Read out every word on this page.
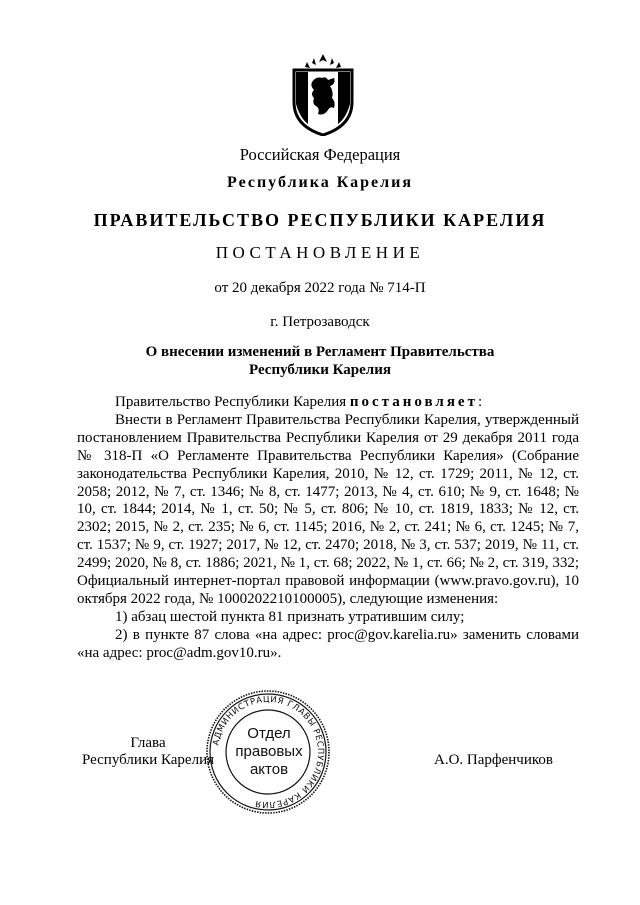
Российская Федерация
Республика Карелия
ПРАВИТЕЛЬСТВО РЕСПУБЛИКИ КАРЕЛИЯ
ПОСТАНОВЛЕНИЕ
от 20 декабря 2022 года № 714-П
г. Петрозаводск
О внесении изменений в Регламент Правительства
Республики Карелия

Правительство Республики Карелия постановляет:

Внести в Регламент Правительства Республики Карелия, утвержденный постановлением Правительства Республики Карелия от 29 декабря 2011 года № 318-П «О Регламенте Правительства Республики Карелия» (Собрание законодательства Республики Карелия, 2010, № 12, ст. 1729; 2011, № 12, ст. 2058; 2012, № 7, ст. 1346; № 8, ст. 1477; 2013, № 4, ст. 610; № 9, ст. 1648; № 10, ст. 1844; 2014, № 1, ст. 50; № 5, ст. 806; № 10, ст. 1819, 1833; № 12, ст. 2302; 2015, № 2, ст. 235; № 6, ст. 1145; 2016, № 2, ст. 241; № 6, ст. 1245; № 7, ст. 1537; № 9, ст. 1927; 2017, № 12, ст. 2470; 2018, № 3, ст. 537; 2019, № 11, ст. 2499; 2020, № 8, ст. 1886; 2021, № 1, ст. 68; 2022, № 1, ст. 66; № 2, ст. 319, 332; Официальный интернет-портал правовой информации (www.pravo.gov.ru), 10 октября 2022 года, № 1000202210100005), следующие изменения:

1) абзац шестой пункта 81 признать утратившим силу;

2) в пункте 87 слова «на адрес: proc@gov.karelia.ru» заменить словами «на адрес: proc@adm.gov10.ru».

Глава
Республики Карелия	А.О. Парфенчиков
АДМИНИСТРАЦИЯ ГЛАВЫ РЕСПУБЛИКИ КАРЕЛИЯ
Отдел
правовых
актов
